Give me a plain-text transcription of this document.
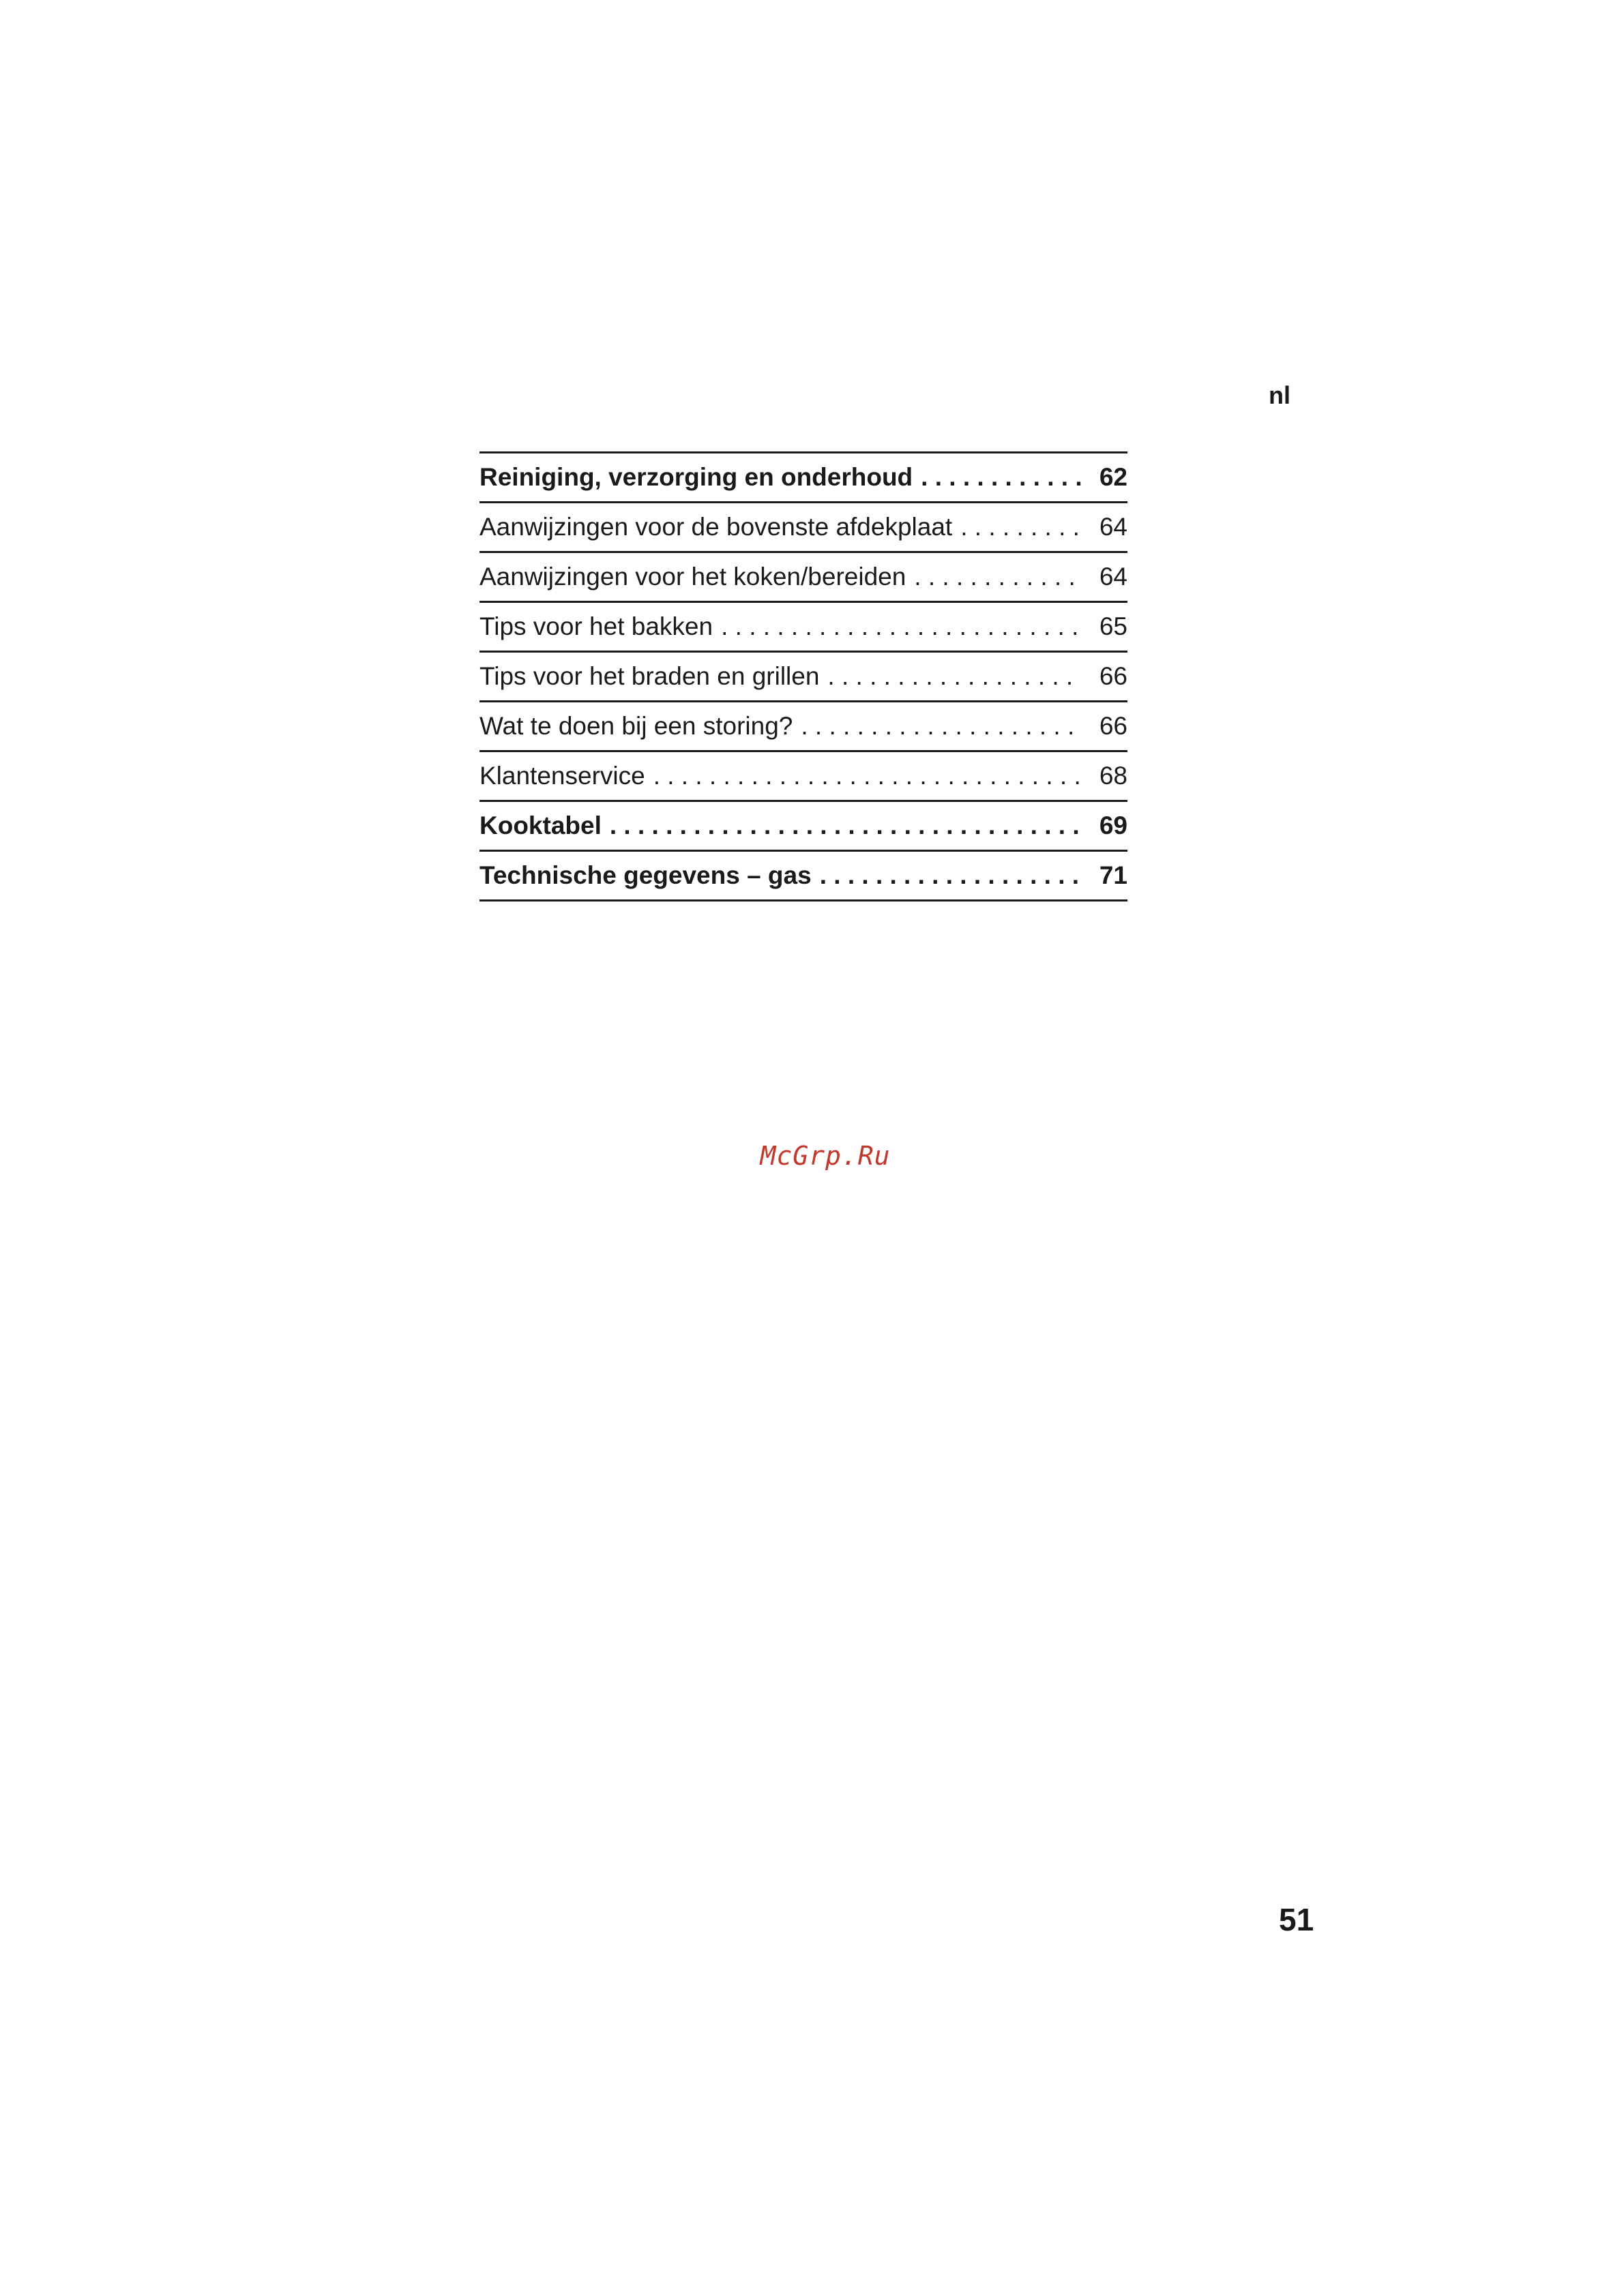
nl
Reiniging, verzorging en onderhoud . . .	62
Aanwijzingen voor de bovenste afdekplaat . . .	64
Aanwijzingen voor het koken/bereiden . . .	64
Tips voor het bakken . . .	65
Tips voor het braden en grillen . . .	66
Wat te doen bij een storing? . . .	66
Klantenservice . . .	68
Kooktabel . . .	69
Technische gegevens – gas . . .	71
McGrp.Ru
51
